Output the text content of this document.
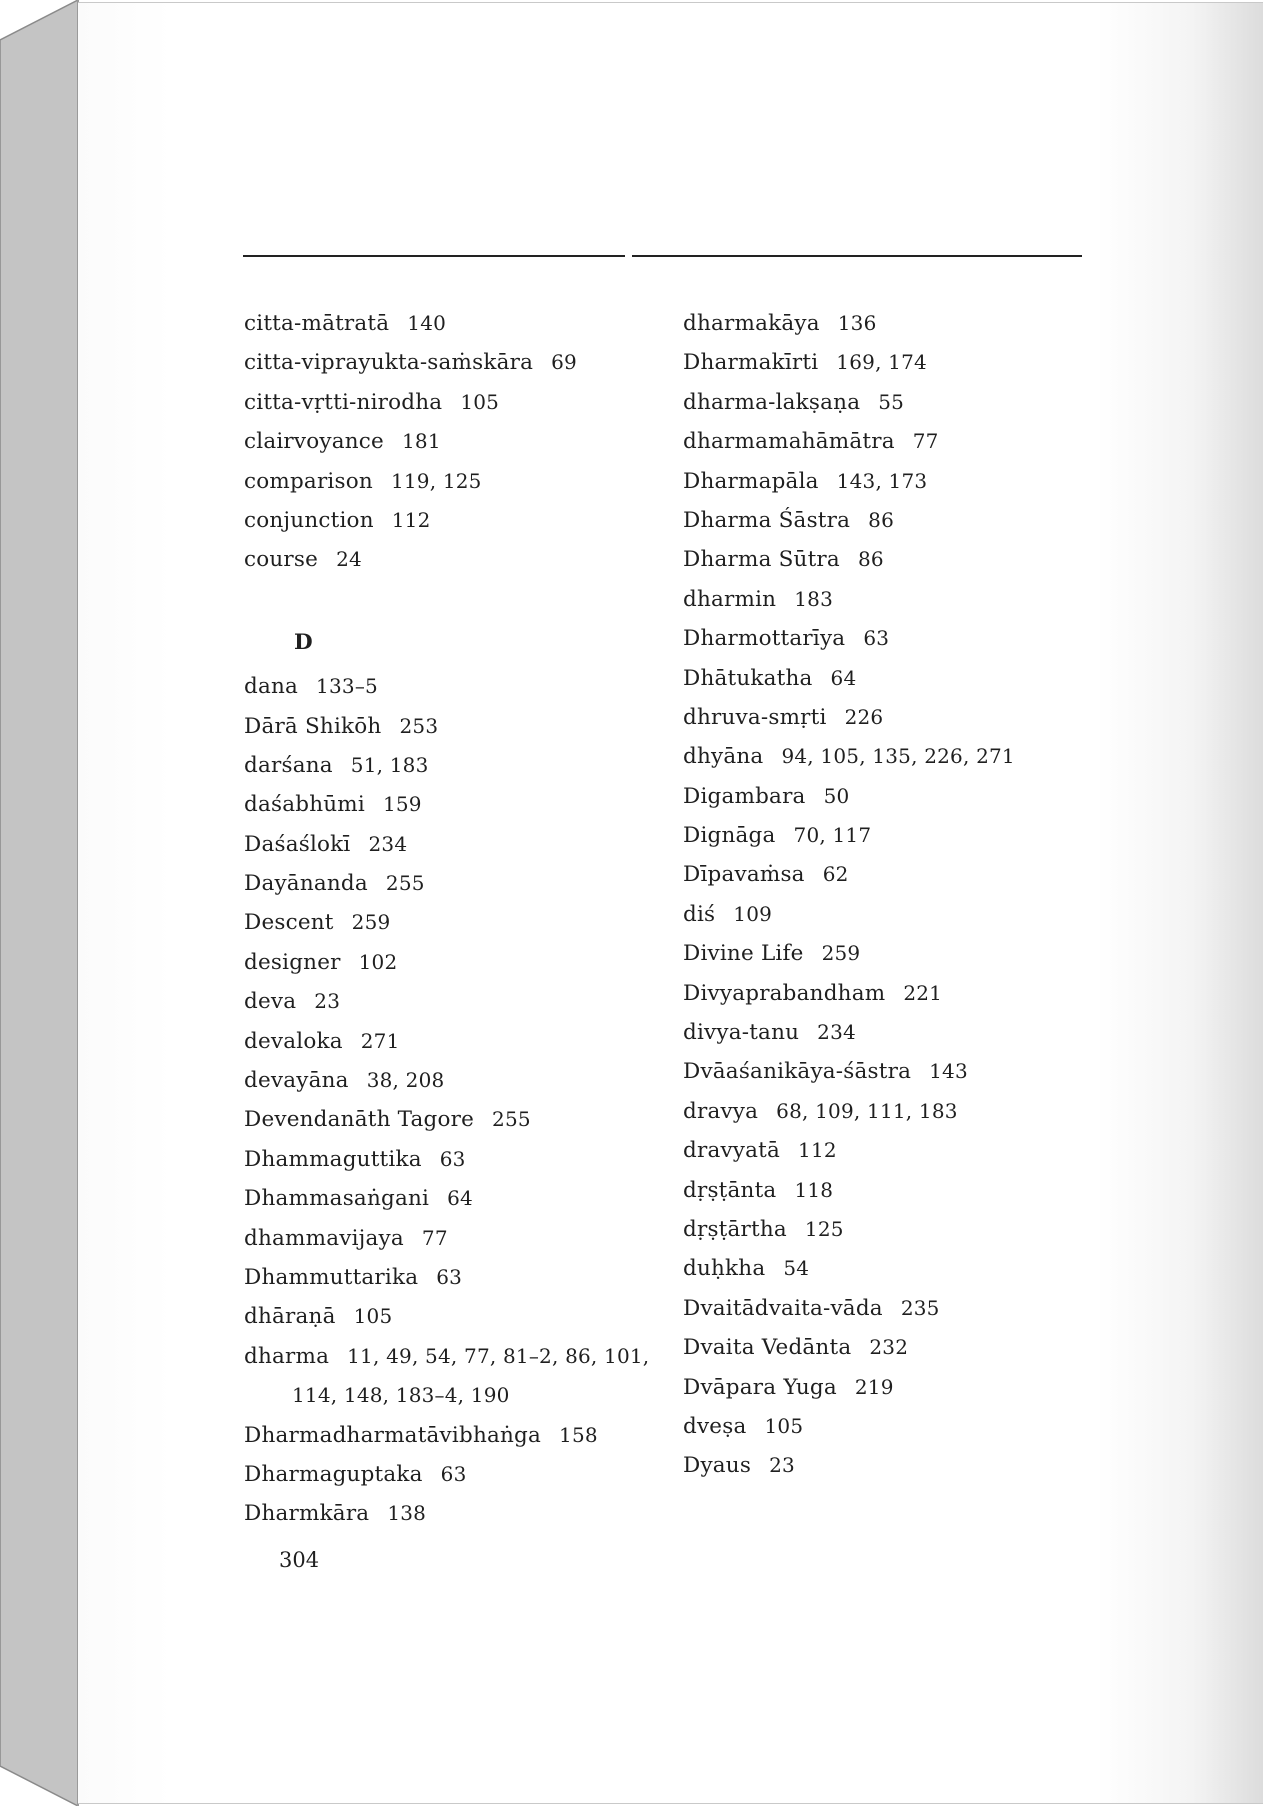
citta-mātratā 140
citta-viprayukta-saṁskāra 69
citta-vṛtti-nirodha 105
clairvoyance 181
comparison 119, 125
conjunction 112
course 24
D
dana 133–5
Dārā Shikōh 253
darśana 51, 183
daśabhūmi 159
Daśaślokī 234
Dayānanda 255
Descent 259
designer 102
deva 23
devaloka 271
devayāna 38, 208
Devendanāth Tagore 255
Dhammaguttika 63
Dhammasaṅgani 64
dhammavijaya 77
Dhammuttarika 63
dhāraṇā 105
dharma 11, 49, 54, 77, 81–2, 86, 101,
114, 148, 183–4, 190
Dharmadharmatāvibhaṅga 158
Dharmaguptaka 63
Dharmkāra 138
dharmakāya 136
Dharmakīrti 169, 174
dharma-lakṣaṇa 55
dharmamahāmātra 77
Dharmapāla 143, 173
Dharma Śāstra 86
Dharma Sūtra 86
dharmin 183
Dharmottarīya 63
Dhātukatha 64
dhruva-smṛti 226
dhyāna 94, 105, 135, 226, 271
Digambara 50
Dignāga 70, 117
Dīpavaṁsa 62
diś 109
Divine Life 259
Divyaprabandham 221
divya-tanu 234
Dvāaśanikāya-śāstra 143
dravya 68, 109, 111, 183
dravyatā 112
dṛṣṭānta 118
dṛṣṭārtha 125
duḥkha 54
Dvaitādvaita-vāda 235
Dvaita Vedānta 232
Dvāpara Yuga 219
dveṣa 105
Dyaus 23
304
